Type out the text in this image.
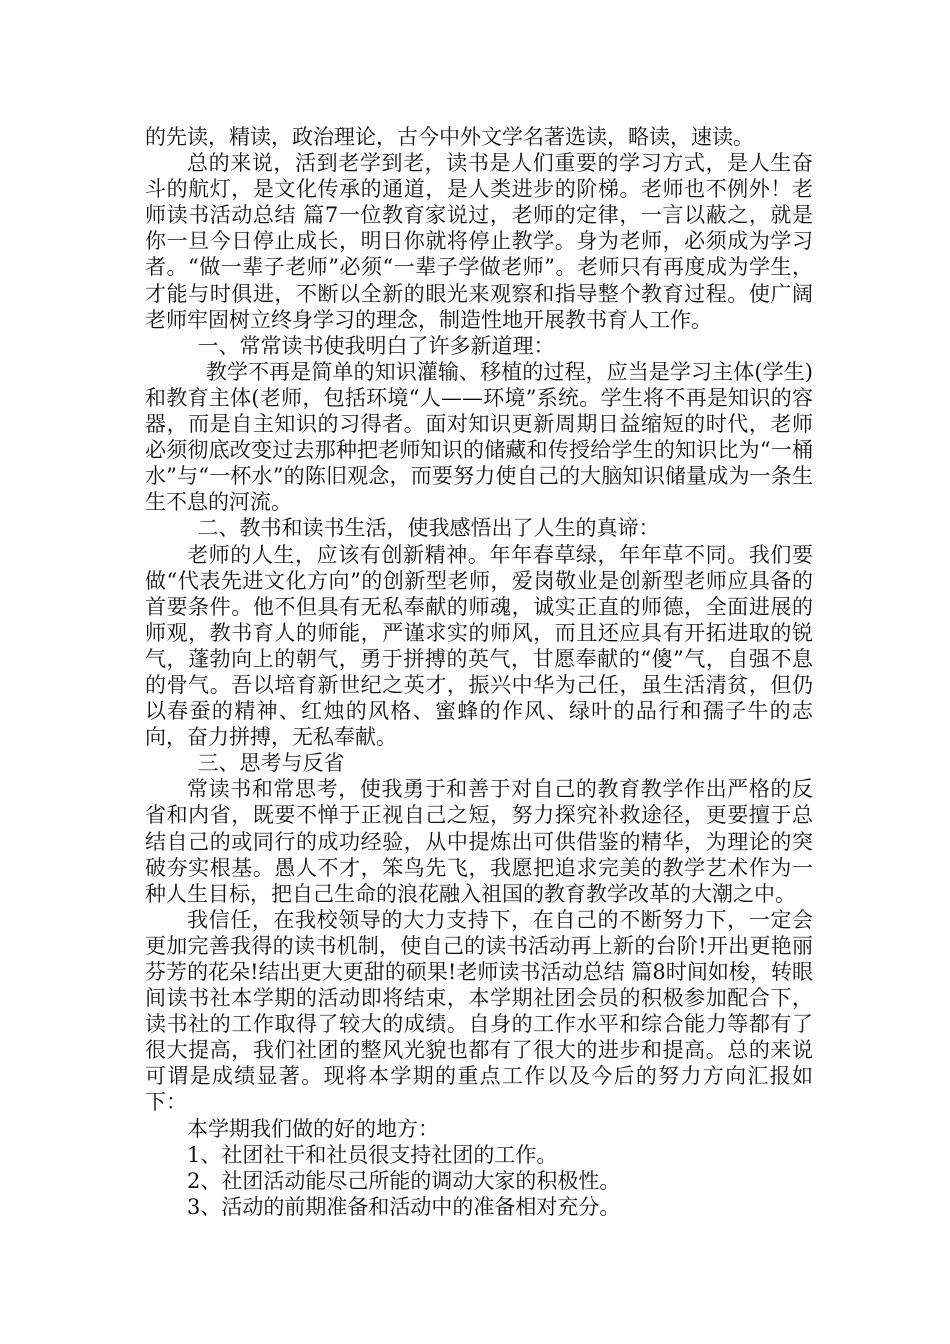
的先读，精读，政治理论，古今中外文学名著选读，略读，速读。

总的来说，活到老学到老，读书是人们重要的学习方式，是人生奋斗的航灯，是文化传承的通道，是人类进步的阶梯。老师也不例外！老师读书活动总结 篇7一位教育家说过，老师的定律，一言以蔽之，就是你一旦今日停止成长，明日你就将停止教学。身为老师，必须成为学习者。“做一辈子老师”必须“一辈子学做老师”。老师只有再度成为学生，才能与时俱进，不断以全新的眼光来观察和指导整个教育过程。使广阔老师牢固树立终身学习的理念，制造性地开展教书育人工作。

一、常常读书使我明白了许多新道理：

教学不再是简单的知识灌输、移植的过程，应当是学习主体(学生)和教育主体(老师，包括环境“人——环境”系统。学生将不再是知识的容器，而是自主知识的习得者。面对知识更新周期日益缩短的时代，老师必须彻底改变过去那种把老师知识的储藏和传授给学生的知识比为“一桶水”与“一杯水”的陈旧观念，而要努力使自己的大脑知识储量成为一条生生不息的河流。

二、教书和读书生活，使我感悟出了人生的真谛：

老师的人生，应该有创新精神。年年春草绿，年年草不同。我们要做“代表先进文化方向”的创新型老师，爱岗敬业是创新型老师应具备的首要条件。他不但具有无私奉献的师魂，诚实正直的师德，全面进展的师观，教书育人的师能，严谨求实的师风，而且还应具有开拓进取的锐气，蓬勃向上的朝气，勇于拼搏的英气，甘愿奉献的“傻”气，自强不息的骨气。吾以培育新世纪之英才，振兴中华为己任，虽生活清贫，但仍以春蚕的精神、红烛的风格、蜜蜂的作风、绿叶的品行和孺子牛的志向，奋力拼搏，无私奉献。

三、思考与反省

常读书和常思考，使我勇于和善于对自己的教育教学作出严格的反省和内省，既要不惮于正视自己之短，努力探究补救途径，更要擅于总结自己的或同行的成功经验，从中提炼出可供借鉴的精华，为理论的突破夯实根基。愚人不才，笨鸟先飞，我愿把追求完美的教学艺术作为一种人生目标，把自己生命的浪花融入祖国的教育教学改革的大潮之中。

我信任，在我校领导的大力支持下，在自己的不断努力下，一定会更加完善我得的读书机制，使自己的读书活动再上新的台阶!开出更艳丽芬芳的花朵!结出更大更甜的硕果!老师读书活动总结 篇8时间如梭，转眼间读书社本学期的活动即将结束，本学期社团会员的积极参加配合下，读书社的工作取得了较大的成绩。自身的工作水平和综合能力等都有了很大提高，我们社团的整风光貌也都有了很大的进步和提高。总的来说可谓是成绩显著。现将本学期的重点工作以及今后的努力方向汇报如下：

本学期我们做的好的地方：

1、社团社干和社员很支持社团的工作。

2、社团活动能尽己所能的调动大家的积极性。

3、活动的前期准备和活动中的准备相对充分。
